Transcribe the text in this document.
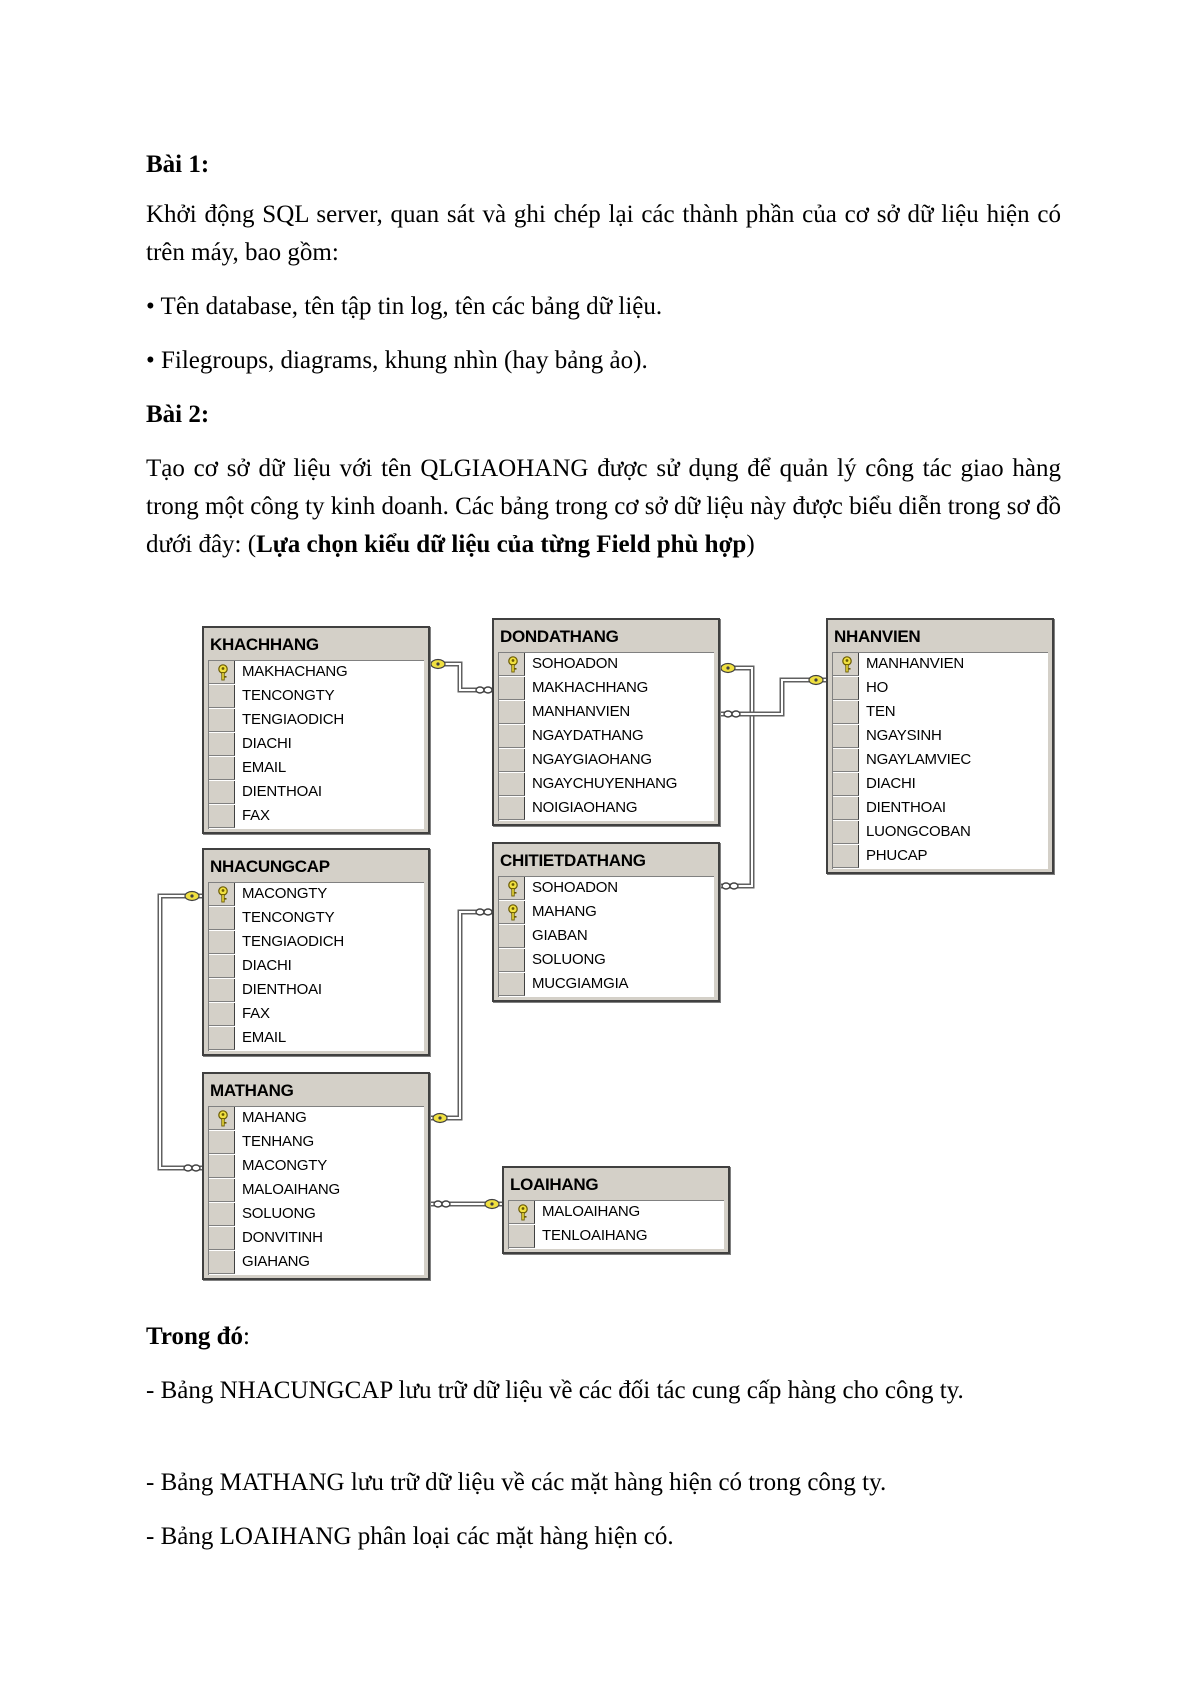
Bài 1:
Khởi động SQL server, quan sát và ghi chép lại các thành phần của cơ sở dữ liệu hiện có trên máy, bao gồm:
• Tên database, tên tập tin log, tên các bảng dữ liệu.
• Filegroups, diagrams, khung nhìn (hay bảng ảo).
Bài 2:
Tạo cơ sở dữ liệu với tên QLGIAOHANG được sử dụng để quản lý công tác giao hàng trong một công ty kinh doanh. Các bảng trong cơ sở dữ liệu này được biểu diễn trong sơ đồ dưới đây: (Lựa chọn kiểu dữ liệu của từng Field phù hợp)
KHACHHANG
MAKHACHANG
TENCONGTY
TENGIAODICH
DIACHI
EMAIL
DIENTHOAI
FAX
DONDATHANG
SOHOADON
MAKHACHHANG
MANHANVIEN
NGAYDATHANG
NGAYGIAOHANG
NGAYCHUYENHANG
NOIGIAOHANG
NHANVIEN
MANHANVIEN
HO
TEN
NGAYSINH
NGAYLAMVIEC
DIACHI
DIENTHOAI
LUONGCOBAN
PHUCAP
NHACUNGCAP
MACONGTY
TENCONGTY
TENGIAODICH
DIACHI
DIENTHOAI
FAX
EMAIL
CHITIETDATHANG
SOHOADON
MAHANG
GIABAN
SOLUONG
MUCGIAMGIA
MATHANG
MAHANG
TENHANG
MACONGTY
MALOAIHANG
SOLUONG
DONVITINH
GIAHANG
LOAIHANG
MALOAIHANG
TENLOAIHANG
Trong đó:
- Bảng NHACUNGCAP lưu trữ dữ liệu về các đối tác cung cấp hàng cho công ty.
- Bảng MATHANG lưu trữ dữ liệu về các mặt hàng hiện có trong công ty.
- Bảng LOAIHANG phân loại các mặt hàng hiện có.
